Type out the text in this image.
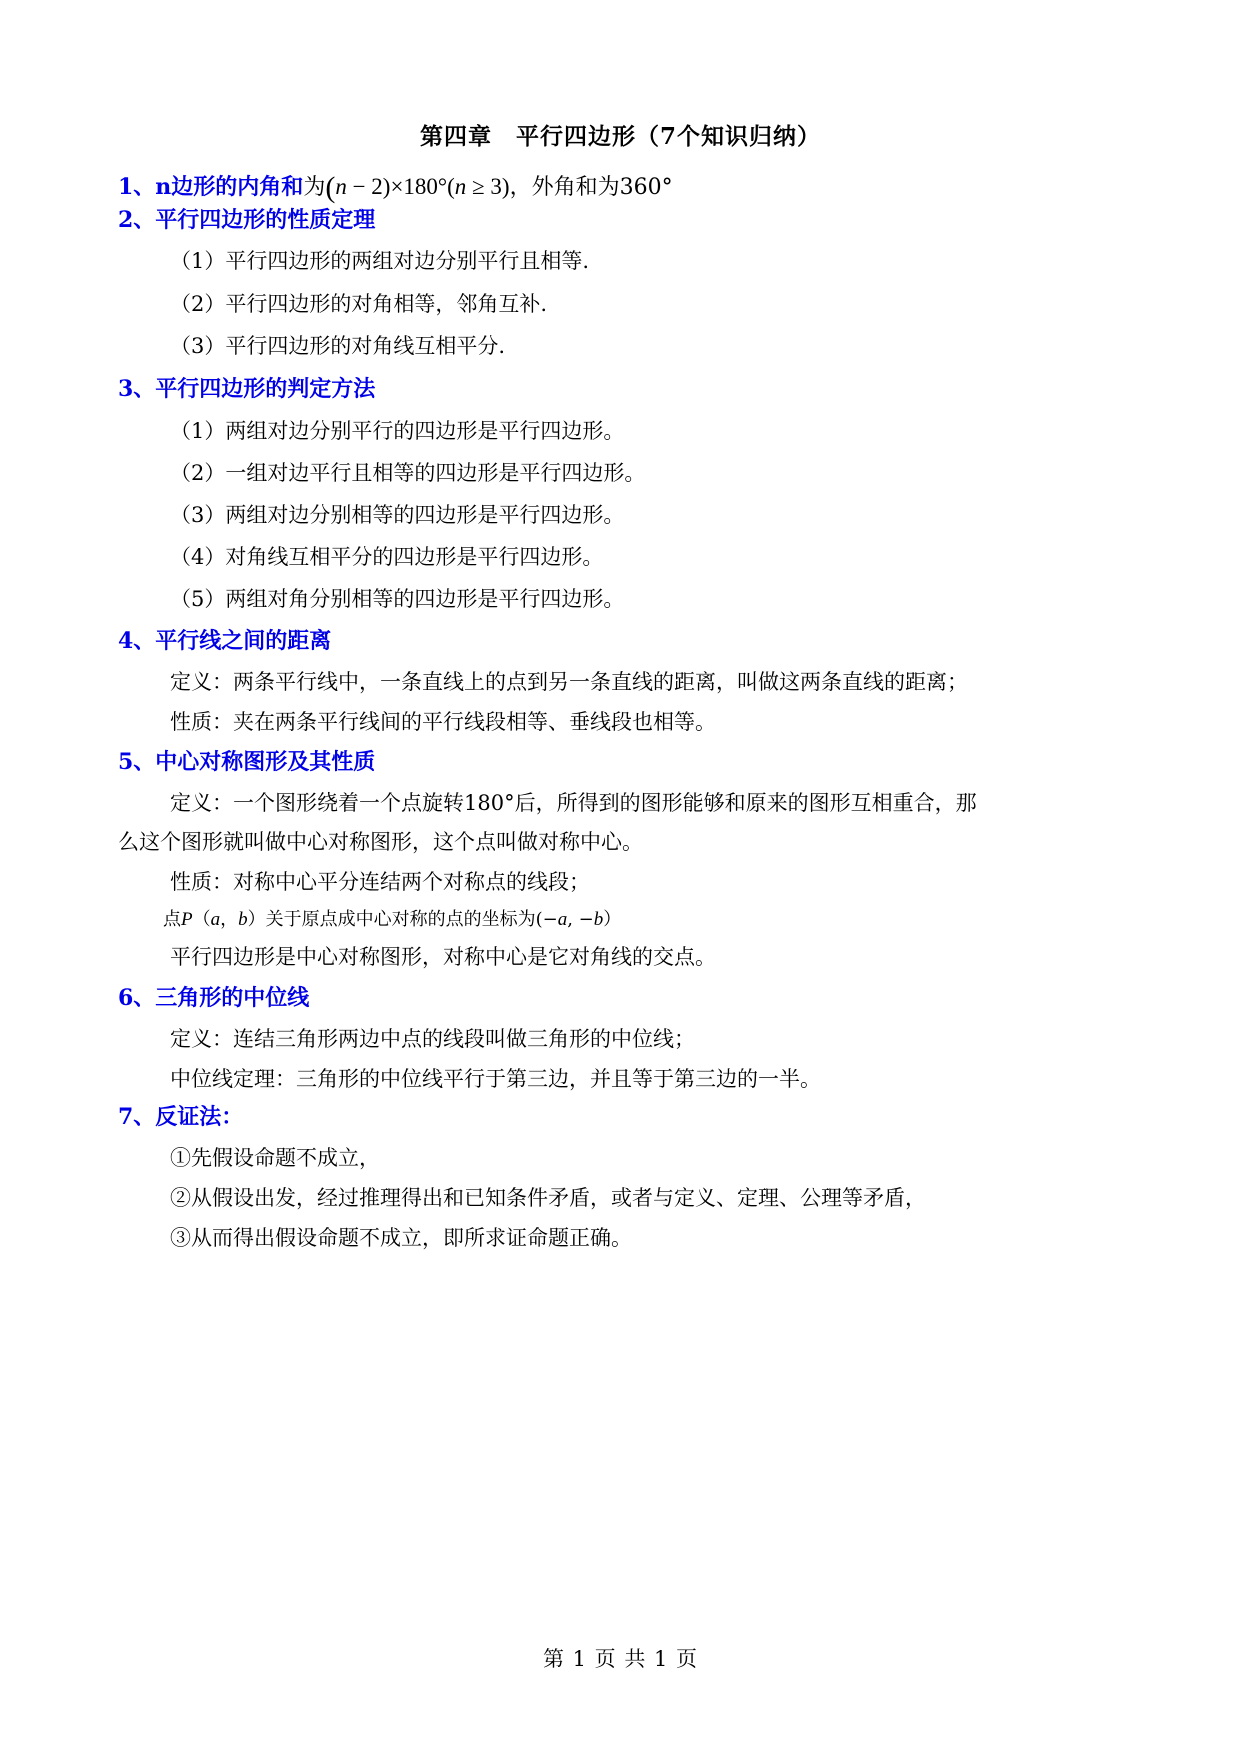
第四章　平行四边形（7个知识归纳）
1、n边形的内角和为(n − 2)×180°(n ≥ 3)，外角和为360°
2、平行四边形的性质定理
（1）平行四边形的两组对边分别平行且相等.
（2）平行四边形的对角相等，邻角互补.
（3）平行四边形的对角线互相平分.
3、平行四边形的判定方法
（1）两组对边分别平行的四边形是平行四边形。
（2）一组对边平行且相等的四边形是平行四边形。
（3）两组对边分别相等的四边形是平行四边形。
（4）对角线互相平分的四边形是平行四边形。
（5）两组对角分别相等的四边形是平行四边形。
4、平行线之间的距离
定义：两条平行线中，一条直线上的点到另一条直线的距离，叫做这两条直线的距离；
性质：夹在两条平行线间的平行线段相等、垂线段也相等。
5、中心对称图形及其性质
定义：一个图形绕着一个点旋转180°后，所得到的图形能够和原来的图形互相重合，那
么这个图形就叫做中心对称图形，这个点叫做对称中心。
性质：对称中心平分连结两个对称点的线段；
点P（a，b）关于原点成中心对称的点的坐标为(−a, −b）
平行四边形是中心对称图形，对称中心是它对角线的交点。
6、三角形的中位线
定义：连结三角形两边中点的线段叫做三角形的中位线；
中位线定理：三角形的中位线平行于第三边，并且等于第三边的一半。
7、反证法：
①先假设命题不成立，
②从假设出发，经过推理得出和已知条件矛盾，或者与定义、定理、公理等矛盾，
③从而得出假设命题不成立，即所求证命题正确。
第 1 页 共 1 页
